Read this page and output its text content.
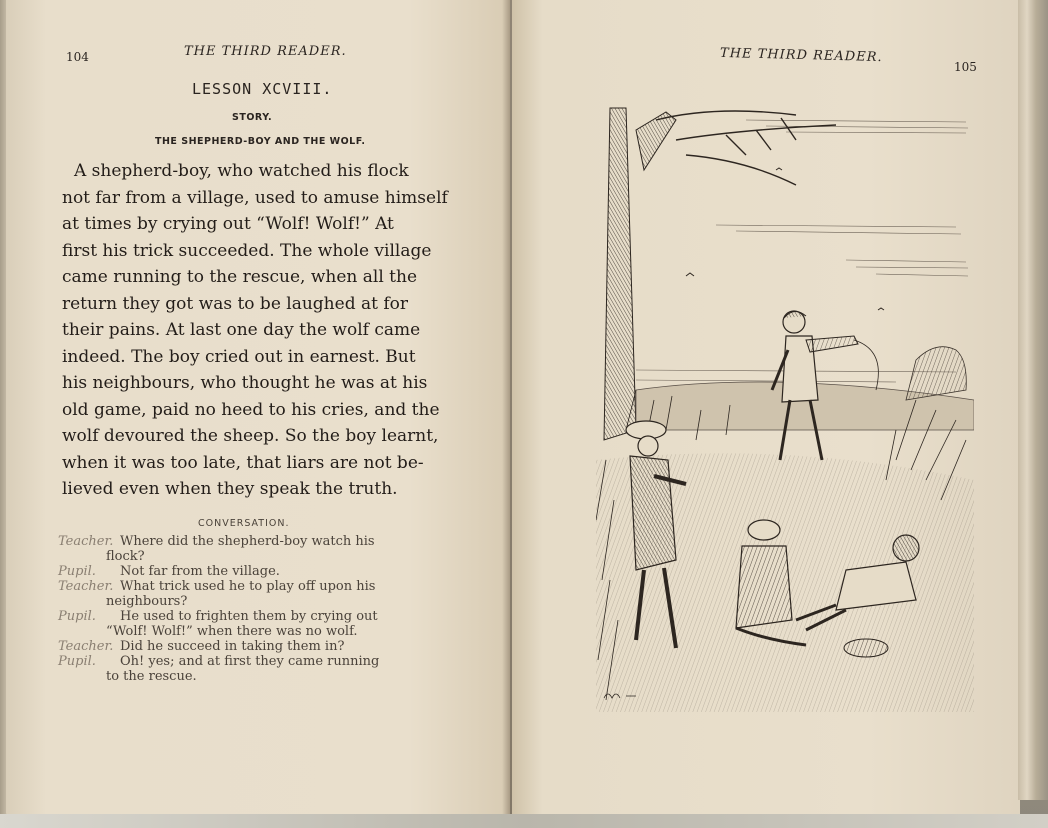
104	THE THIRD READER.
LESSON XCVIII.
STORY.
THE SHEPHERD-BOY AND THE WOLF.
A shepherd-boy, who watched his flock
not far from a village, used to amuse himself
at times by crying out “Wolf! Wolf!” At
first his trick succeeded. The whole village
came running to the rescue, when all the
return they got was to be laughed at for
their pains. At last one day the wolf came
indeed. The boy cried out in earnest. But
his neighbours, who thought he was at his
old game, paid no heed to his cries, and the
wolf devoured the sheep. So the boy learnt,
when it was too late, that liars are not be-
lieved even when they speak the truth.
CONVERSATION.
Teacher. Where did the shepherd-boy watch his
flock?
Pupil. Not far from the village.
Teacher. What trick used he to play off upon his
neighbours?
Pupil. He used to frighten them by crying out
“Wolf! Wolf!” when there was no wolf.
Teacher. Did he succeed in taking them in?
Pupil. Oh! yes; and at first they came running
to the rescue.
THE THIRD READER.
105
